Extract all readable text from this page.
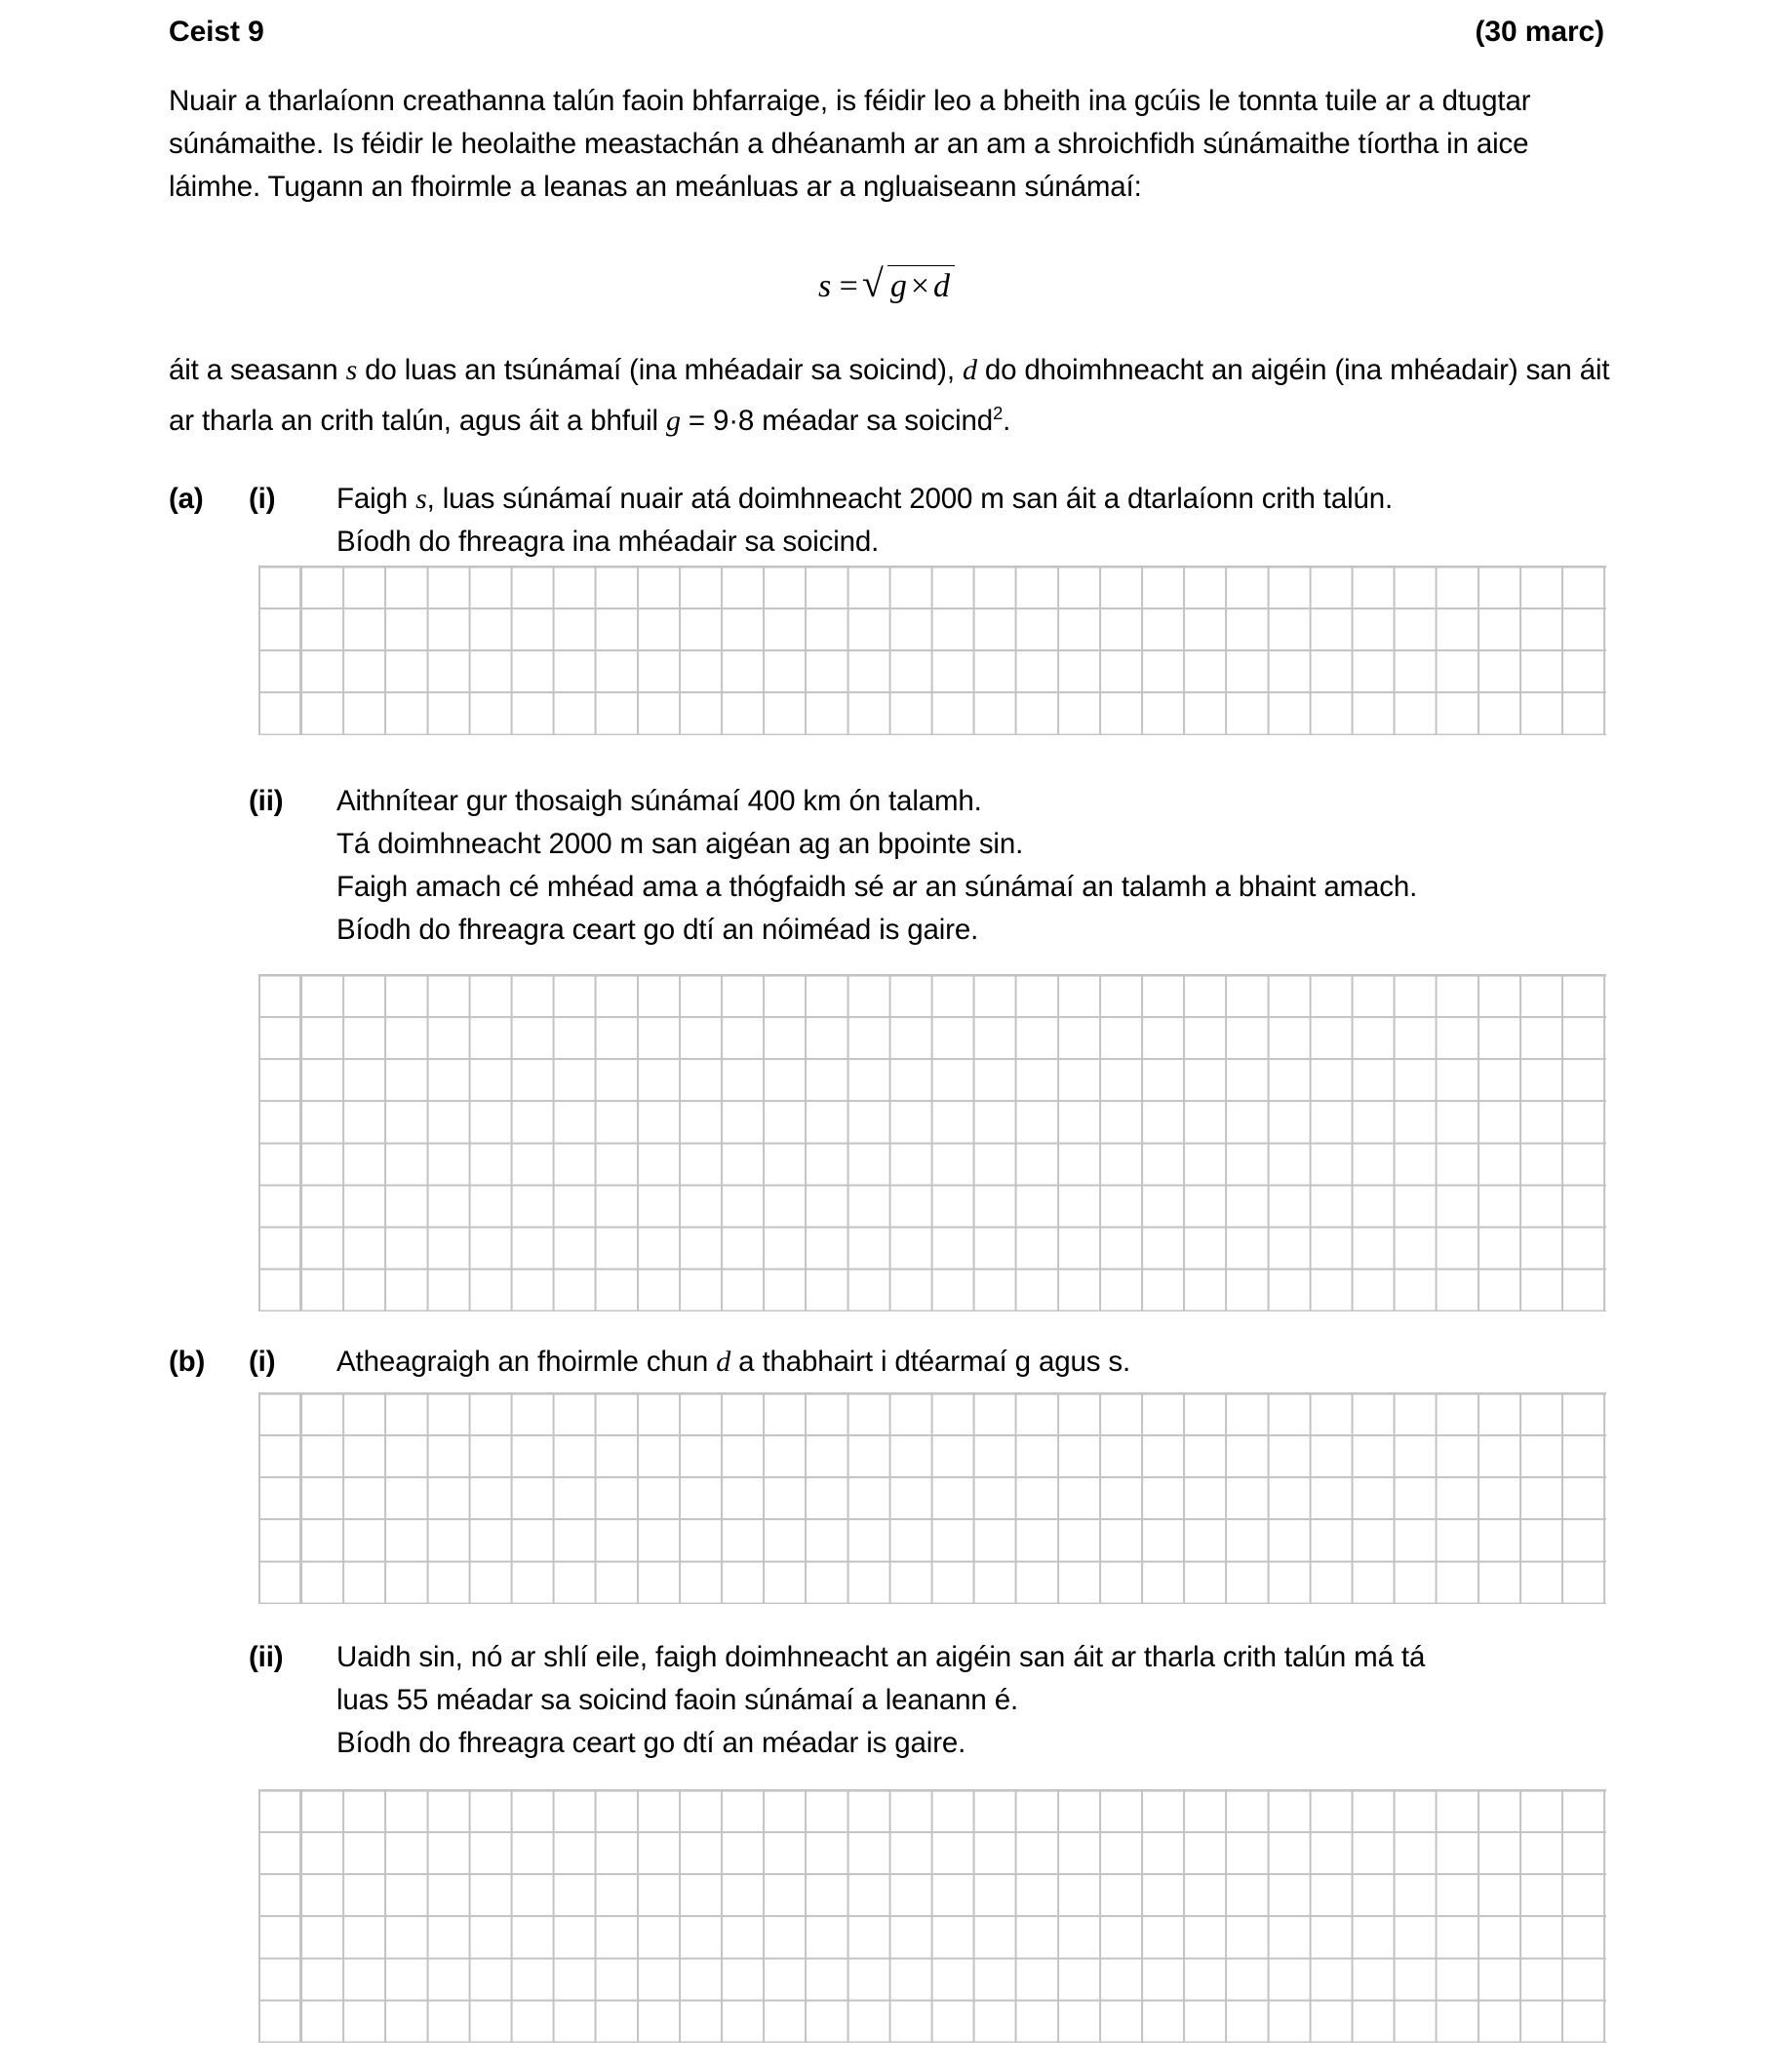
Ceist 9	(30 marc)
Nuair a tharlaíonn creathanna talún faoin bhfarraige, is féidir leo a bheith ina gcúis le tonnta tuile ar a dtugtar súnámaithe. Is féidir le heolaithe meastachán a dhéanamh ar an am a shroichfidh súnámaithe tíortha in aice láimhe. Tugann an fhoirmle a leanas an meánluas ar a ngluaiseann súnámaí:
s = √ g × d
áit a seasann s do luas an tsúnámaí (ina mhéadair sa soicind), d do dhoimhneacht an aigéin (ina mhéadair) san áit ar tharla an crith talún, agus áit a bhfuil g = 9·8 méadar sa soicind$^2$.
(a)	(i)	Faigh s, luas súnámaí nuair atá doimhneacht 2000 m san áit a dtarlaíonn crith talún.
Bíodh do fhreagra ina mhéadair sa soicind.
(ii)	Aithnítear gur thosaigh súnámaí 400 km ón talamh.
Tá doimhneacht 2000 m san aigéan ag an bpointe sin.
Faigh amach cé mhéad ama a thógfaidh sé ar an súnámaí an talamh a bhaint amach.
Bíodh do fhreagra ceart go dtí an nóiméad is gaire.
(b)	(i)	Atheagraigh an fhoirmle chun d a thabhairt i dtéarmaí g agus s.
(ii)	Uaidh sin, nó ar shlí eile, faigh doimhneacht an aigéin san áit ar tharla crith talún má tá
luas 55 méadar sa soicind faoin súnámaí a leanann é.
Bíodh do fhreagra ceart go dtí an méadar is gaire.
